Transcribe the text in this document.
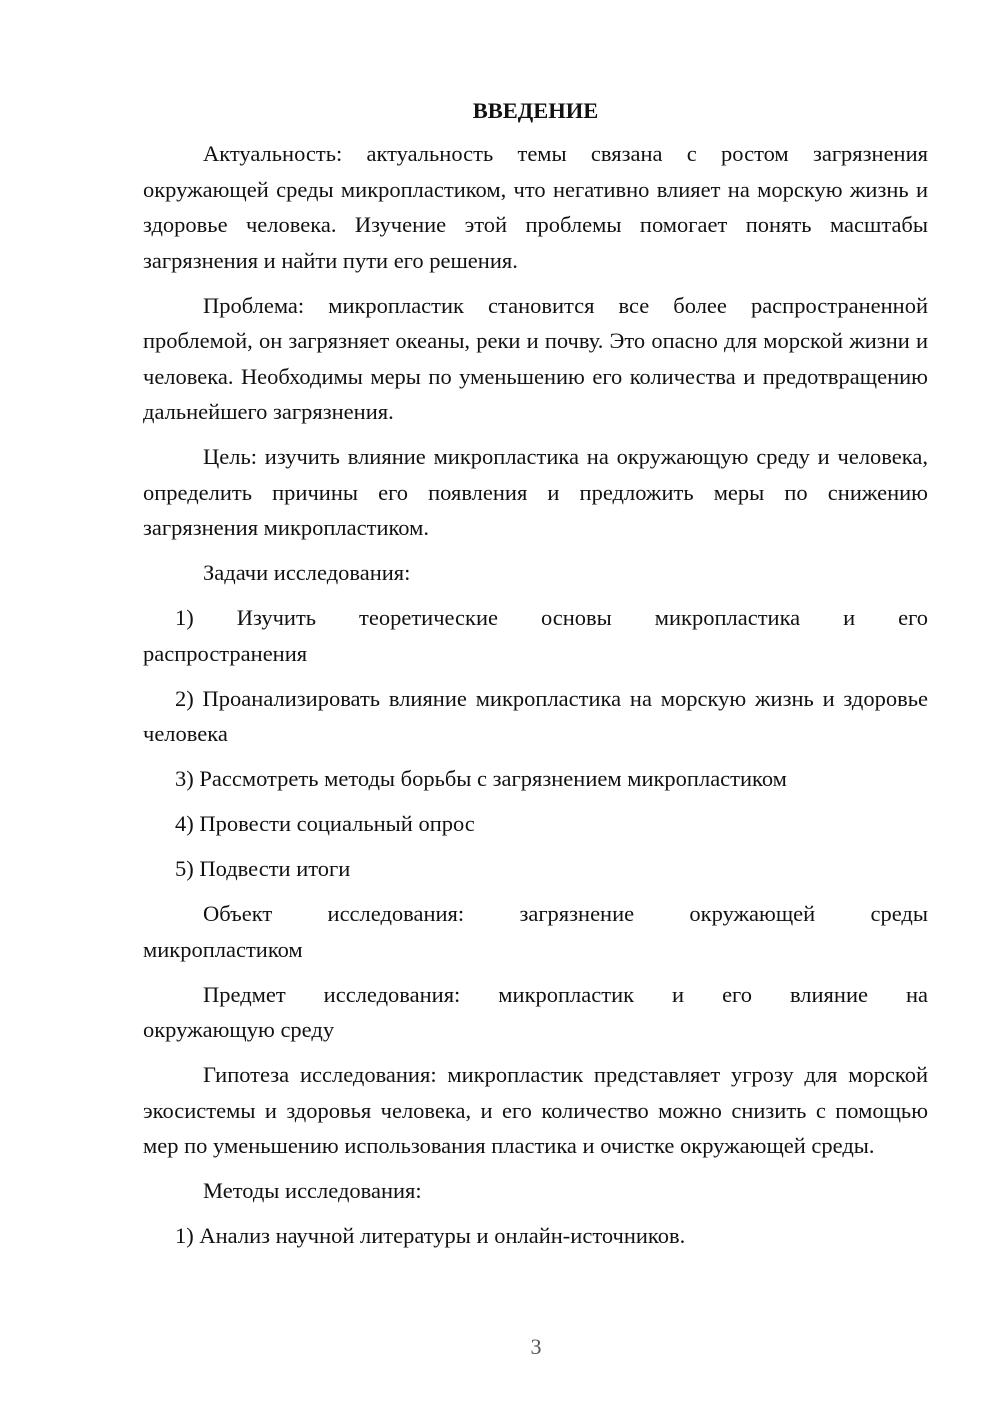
ВВЕДЕНИЕ

Актуальность: актуальность темы связана с ростом загрязнения окружающей среды микропластиком, что негативно влияет на морскую жизнь и здоровье человека. Изучение этой проблемы помогает понять масштабы загрязнения и найти пути его решения.

Проблема: микропластик становится все более распространенной проблемой, он загрязняет океаны, реки и почву. Это опасно для морской жизни и человека. Необходимы меры по уменьшению его количества и предотвращению дальнейшего загрязнения.

Цель: изучить влияние микропластика на окружающую среду и человека, определить причины его появления и предложить меры по снижению загрязнения микропластиком.

Задачи исследования:

1) Изучить теоретические основы микропластика и его
распространения

2) Проанализировать влияние микропластика на морскую жизнь и здоровье человека

3) Рассмотреть методы борьбы с загрязнением микропластиком

4) Провести социальный опрос

5) Подвести итоги

Объект исследования: загрязнение окружающей среды
микропластиком

Предмет исследования: микропластик и его влияние на
окружающую среду

Гипотеза исследования: микропластик представляет угрозу для морской экосистемы и здоровья человека, и его количество можно снизить с помощью мер по уменьшению использования пластика и очистке окружающей среды.

Методы исследования:

1) Анализ научной литературы и онлайн-источников.

3
